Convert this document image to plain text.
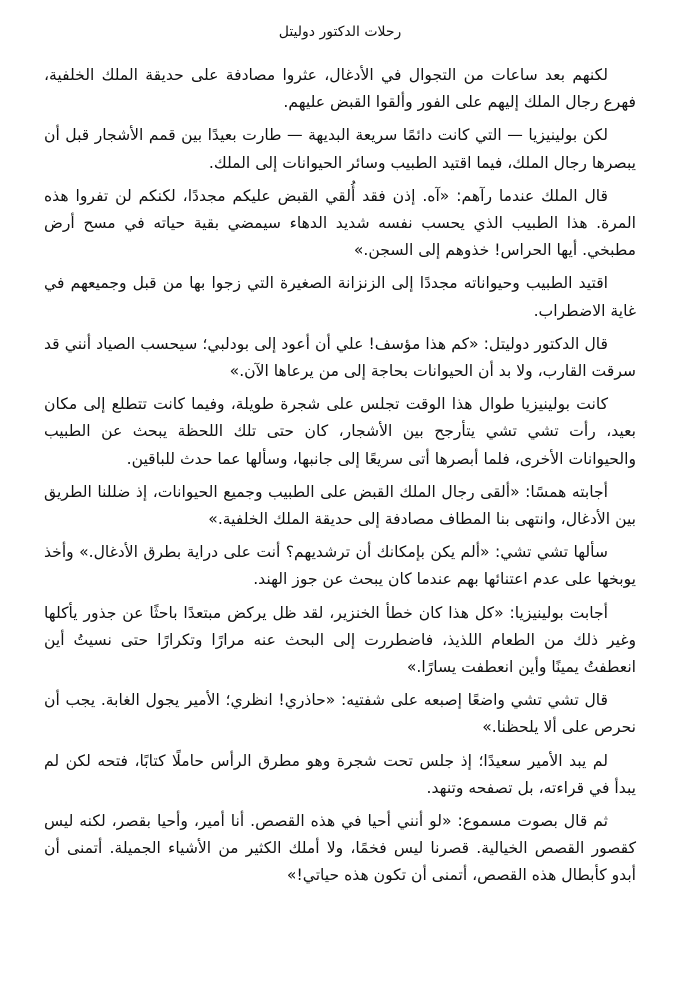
رحلات الدكتور دوليتل

لكنهم بعد ساعات من التجوال في الأدغال، عثروا مصادفة على حديقة الملك الخلفية، فهرع رجال الملك إليهم على الفور وألقوا القبض عليهم.

لكن بولينيزيا — التي كانت دائمًا سريعة البديهة — طارت بعيدًا بين قمم الأشجار قبل أن يبصرها رجال الملك، فيما اقتيد الطبيب وسائر الحيوانات إلى الملك.

قال الملك عندما رآهم: «آه. إذن فقد أُلقي القبض عليكم مجددًا، لكنكم لن تفروا هذه المرة. هذا الطبيب الذي يحسب نفسه شديد الدهاء سيمضي بقية حياته في مسح أرض مطبخي. أيها الحراس! خذوهم إلى السجن.»

اقتيد الطبيب وحيواناته مجددًا إلى الزنزانة الصغيرة التي زجوا بها من قبل وجميعهم في غاية الاضطراب.

قال الدكتور دوليتل: «كم هذا مؤسف! علي أن أعود إلى بودلبي؛ سيحسب الصياد أنني قد سرقت القارب، ولا بد أن الحيوانات بحاجة إلى من يرعاها الآن.»

كانت بولينيزيا طوال هذا الوقت تجلس على شجرة طويلة، وفيما كانت تتطلع إلى مكان بعيد، رأت تشي تشي يتأرجح بين الأشجار، كان حتى تلك اللحظة يبحث عن الطبيب والحيوانات الأخرى، فلما أبصرها أتى سريعًا إلى جانبها، وسألها عما حدث للباقين.

أجابته همسًا: «ألقى رجال الملك القبض على الطبيب وجميع الحيوانات، إذ ضللنا الطريق بين الأدغال، وانتهى بنا المطاف مصادفة إلى حديقة الملك الخلفية.»

سألها تشي تشي: «ألم يكن بإمكانك أن ترشديهم؟ أنت على دراية بطرق الأدغال.» وأخذ يوبخها على عدم اعتنائها بهم عندما كان يبحث عن جوز الهند.

أجابت بولينيزيا: «كل هذا كان خطأ الخنزير، لقد ظل يركض مبتعدًا باحثًا عن جذور يأكلها وغير ذلك من الطعام اللذيذ، فاضطررت إلى البحث عنه مرارًا وتكرارًا حتى نسيتُ أين انعطفتُ يمينًا وأين انعطفت يسارًا.»

قال تشي تشي واضعًا إصبعه على شفتيه: «حاذري! انظري؛ الأمير يجول الغابة. يجب أن نحرص على ألا يلحظنا.»

لم يبد الأمير سعيدًا؛ إذ جلس تحت شجرة وهو مطرق الرأس حاملًا كتابًا، فتحه لكن لم يبدأ في قراءته، بل تصفحه وتنهد.

ثم قال بصوت مسموع: «لو أنني أحيا في هذه القصص. أنا أمير، وأحيا بقصر، لكنه ليس كقصور القصص الخيالية. قصرنا ليس فخمًا، ولا أملك الكثير من الأشياء الجميلة. أتمنى أن أبدو كأبطال هذه القصص، أتمنى أن تكون هذه حياتي!»
